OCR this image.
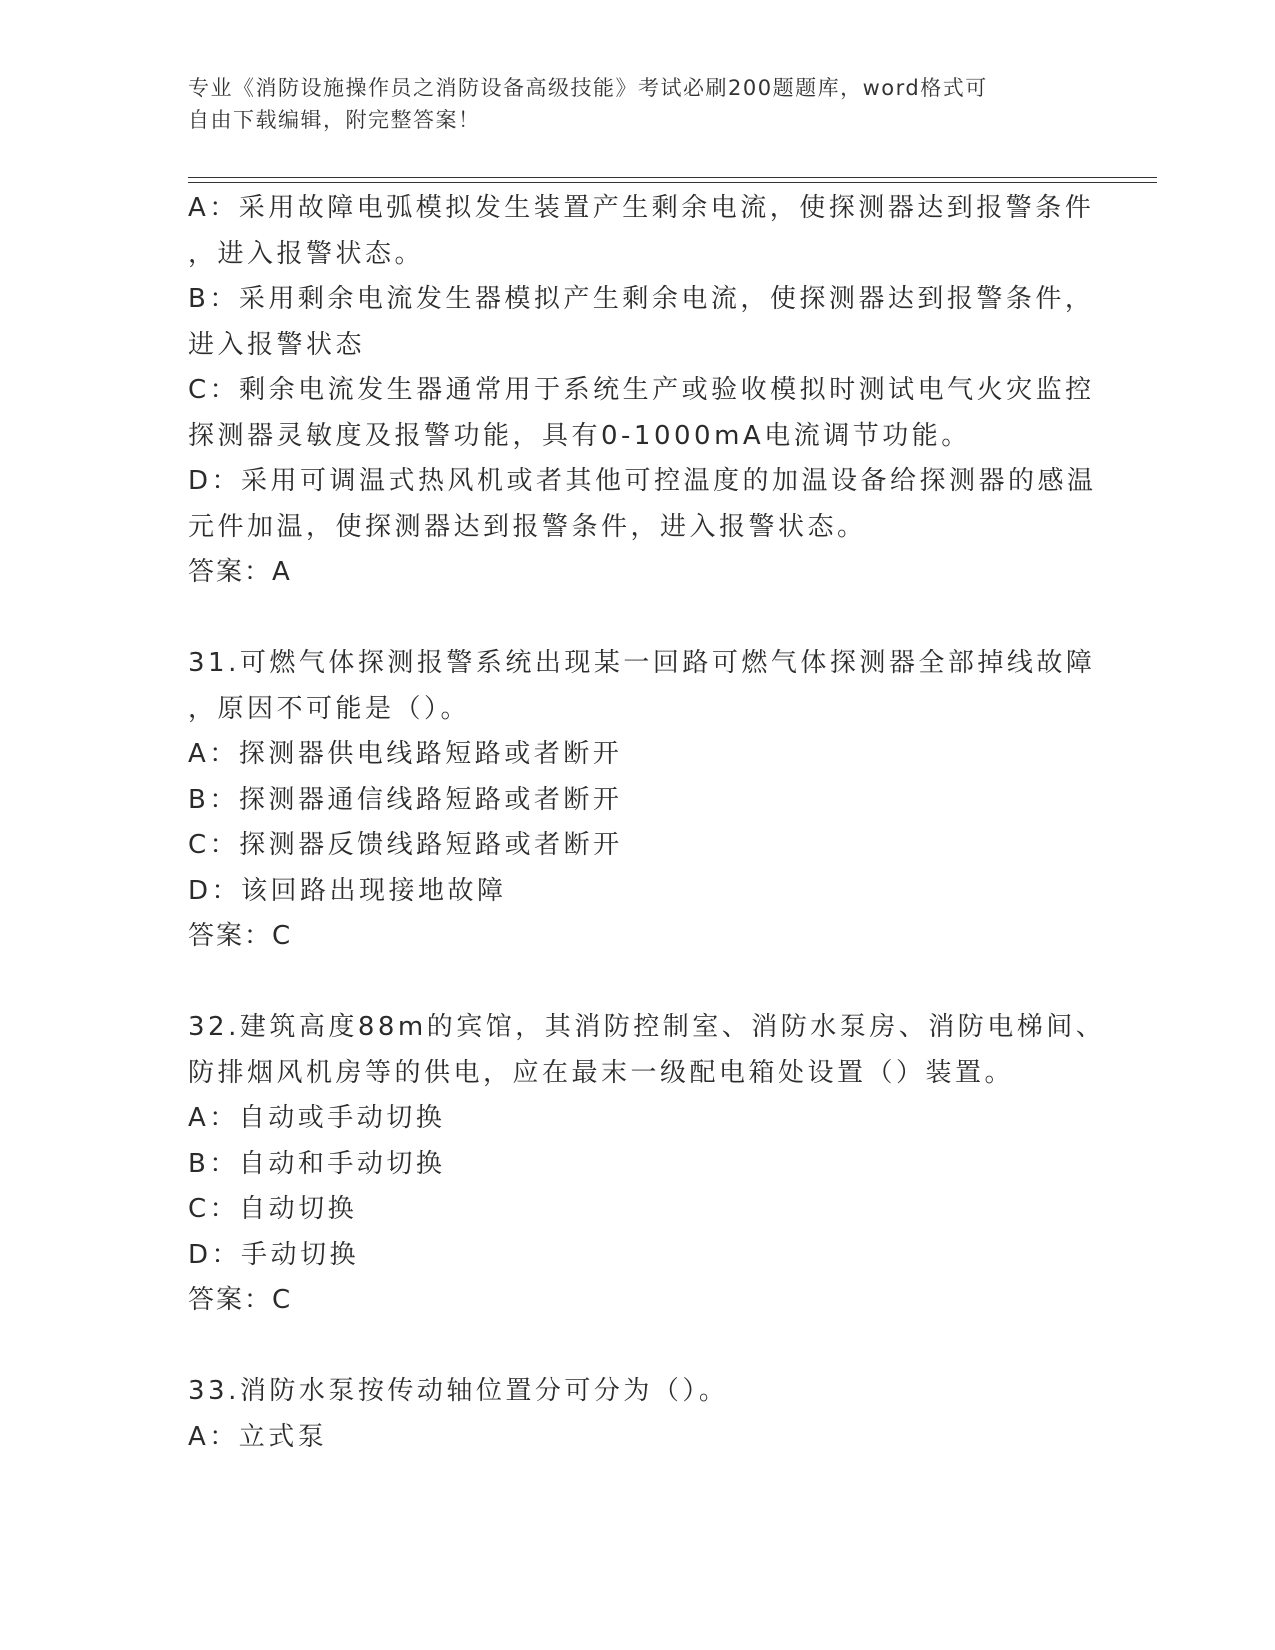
专业《消防设施操作员之消防设备高级技能》考试必刷200题题库，word格式可
自由下载编辑，附完整答案！
A：采用故障电弧模拟发生装置产生剩余电流，使探测器达到报警条件
，进入报警状态。
B：采用剩余电流发生器模拟产生剩余电流，使探测器达到报警条件，
进入报警状态
C：剩余电流发生器通常用于系统生产或验收模拟时测试电气火灾监控
探测器灵敏度及报警功能，具有0-1000mA电流调节功能。
D：采用可调温式热风机或者其他可控温度的加温设备给探测器的感温
元件加温，使探测器达到报警条件，进入报警状态。
答案：A
31.可燃气体探测报警系统出现某一回路可燃气体探测器全部掉线故障
，原因不可能是（）。
A：探测器供电线路短路或者断开
B：探测器通信线路短路或者断开
C：探测器反馈线路短路或者断开
D：该回路出现接地故障
答案：C
32.建筑高度88m的宾馆，其消防控制室、消防水泵房、消防电梯间、
防排烟风机房等的供电，应在最末一级配电箱处设置（）装置。
A：自动或手动切换
B：自动和手动切换
C：自动切换
D：手动切换
答案：C
33.消防水泵按传动轴位置分可分为（）。
A：立式泵
